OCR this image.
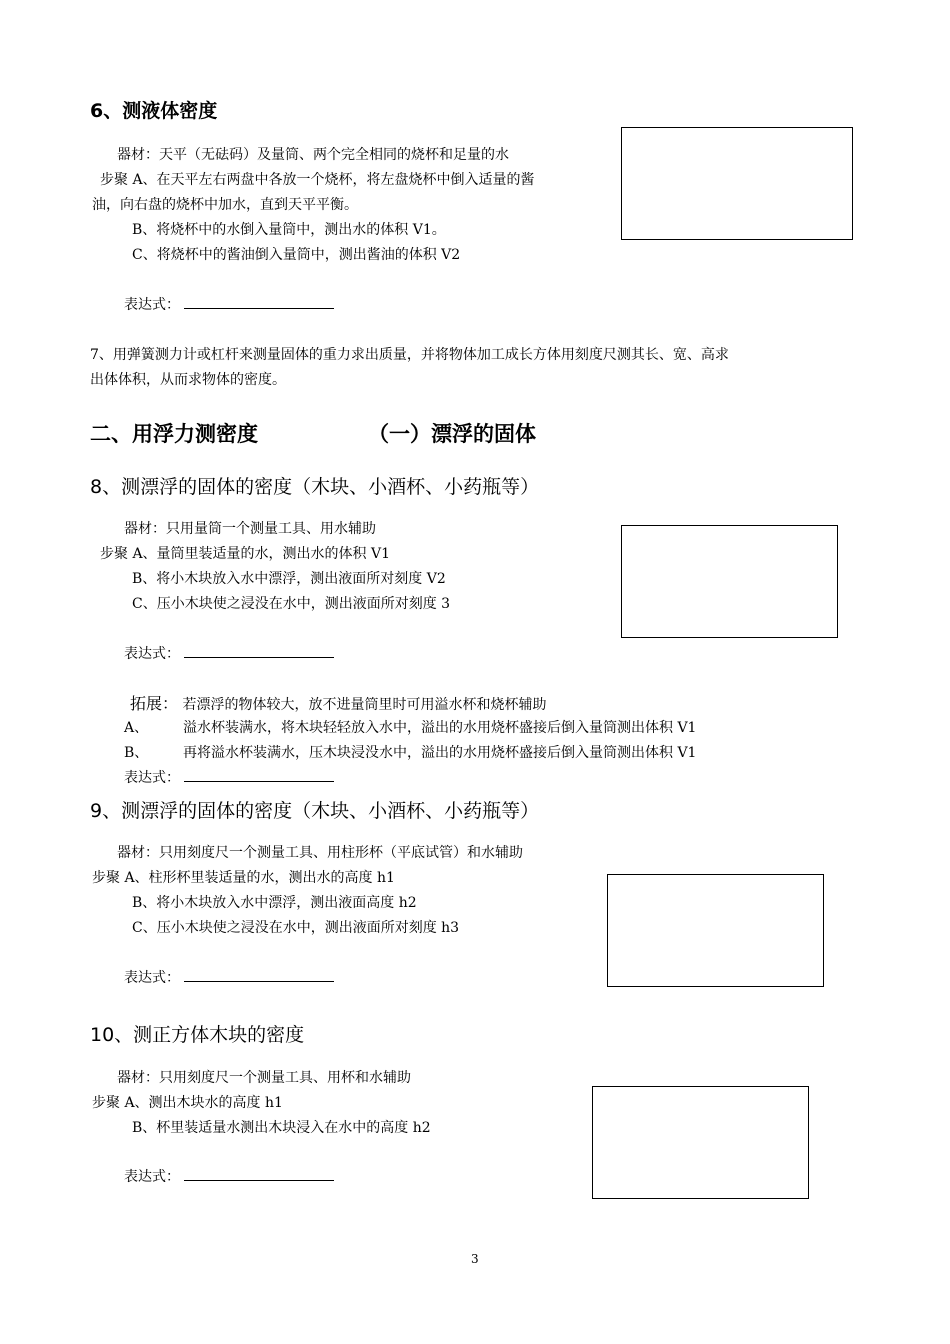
6、测液体密度
器材：天平（无砝码）及量筒、两个完全相同的烧杯和足量的水
步聚 A、在天平左右两盘中各放一个烧杯，将左盘烧杯中倒入适量的酱
油，向右盘的烧杯中加水，直到天平平衡。
B、将烧杯中的水倒入量筒中，测出水的体积 V1。
C、将烧杯中的酱油倒入量筒中，测出酱油的体积 V2
表达式：
7、用弹簧测力计或杠杆来测量固体的重力求出质量，并将物体加工成长方体用刻度尺测其长、宽、高求
出体体积，从而求物体的密度。
二、用浮力测密度	（一）漂浮的固体
8、测漂浮的固体的密度（木块、小酒杯、小药瓶等）
器材：只用量筒一个测量工具、用水辅助
步聚 A、量筒里装适量的水，测出水的体积 V1
B、将小木块放入水中漂浮，测出液面所对刻度 V2
C、压小木块使之浸没在水中，测出液面所对刻度 3
表达式：
拓展： 若漂浮的物体较大，放不进量筒里时可用溢水杯和烧杯辅助
A、 溢水杯装满水，将木块轻轻放入水中，溢出的水用烧杯盛接后倒入量筒测出体积 V1
B、 再将溢水杯装满水，压木块浸没水中，溢出的水用烧杯盛接后倒入量筒测出体积 V1
表达式：
9、测漂浮的固体的密度（木块、小酒杯、小药瓶等）
器材：只用刻度尺一个测量工具、用柱形杯（平底试管）和水辅助
步聚 A、柱形杯里装适量的水，测出水的高度 h1
B、将小木块放入水中漂浮，测出液面高度 h2
C、压小木块使之浸没在水中，测出液面所对刻度 h3
表达式：
10、测正方体木块的密度
器材：只用刻度尺一个测量工具、用杯和水辅助
步聚 A、测出木块水的高度 h1
B、杯里装适量水测出木块浸入在水中的高度 h2
表达式：
3
